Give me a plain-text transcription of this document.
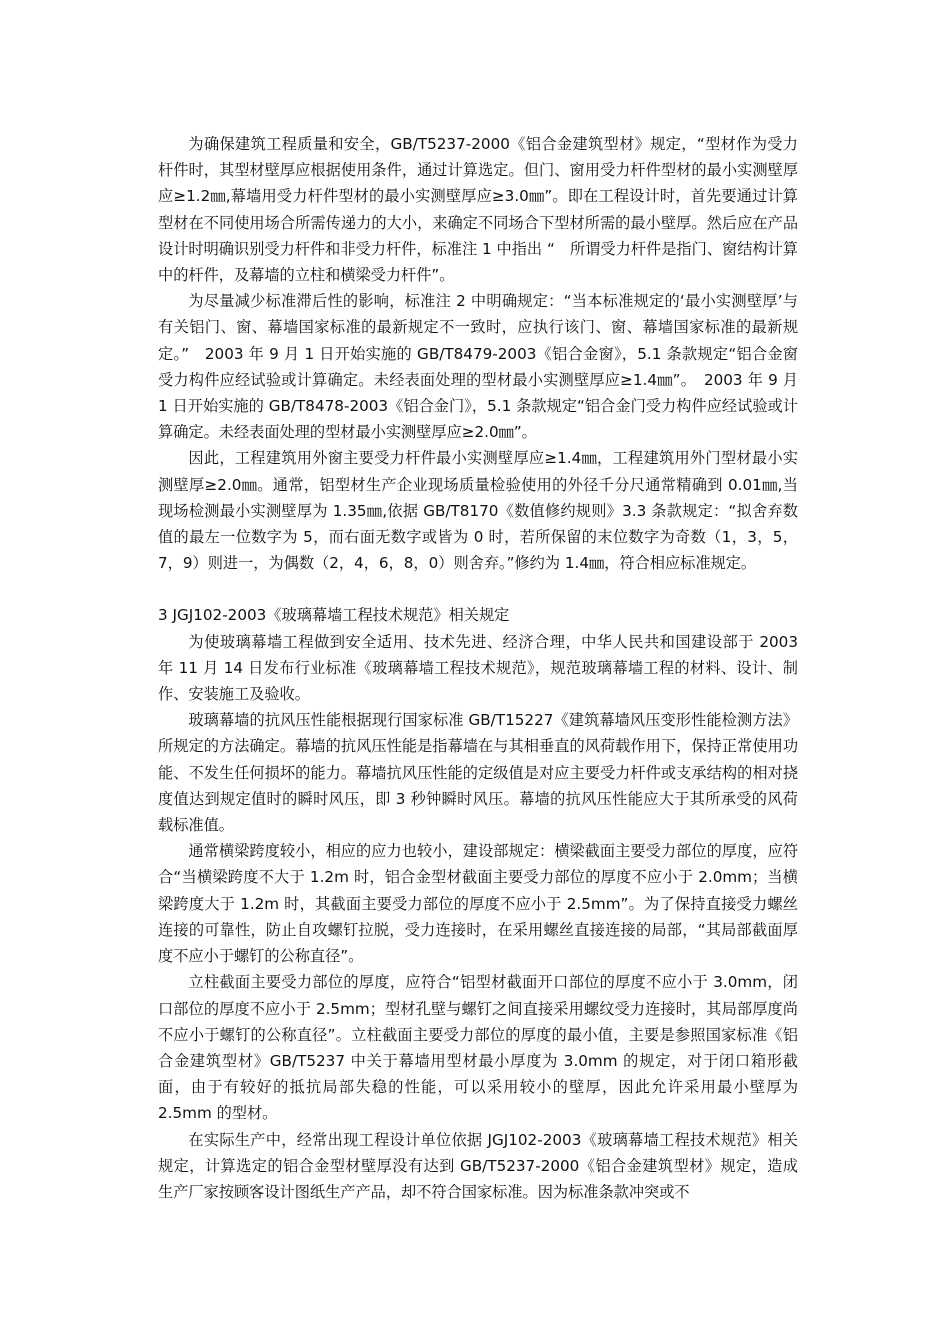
为确保建筑工程质量和安全，GB/T5237-2000《铝合金建筑型材》规定，“型材作为受力杆件时，其型材壁厚应根据使用条件，通过计算选定。但门、窗用受力杆件型材的最小实测壁厚应≥1.2㎜,幕墙用受力杆件型材的最小实测壁厚应≥3.0㎜”。即在工程设计时，首先要通过计算型材在不同使用场合所需传递力的大小，来确定不同场合下型材所需的最小壁厚。然后应在产品设计时明确识别受力杆件和非受力杆件，标准注 1 中指出 “　所谓受力杆件是指门、窗结构计算中的杆件，及幕墙的立柱和横梁受力杆件”。

为尽量减少标准滞后性的影响，标准注 2 中明确规定：“当本标准规定的‘最小实测壁厚’与有关铝门、窗、幕墙国家标准的最新规定不一致时，应执行该门、窗、幕墙国家标准的最新规定。”　2003 年 9 月 1 日开始实施的 GB/T8479-2003《铝合金窗》，5.1 条款规定“铝合金窗受力构件应经试验或计算确定。未经表面处理的型材最小实测壁厚应≥1.4㎜”。　2003 年 9 月 1 日开始实施的 GB/T8478-2003《铝合金门》，5.1 条款规定“铝合金门受力构件应经试验或计算确定。未经表面处理的型材最小实测壁厚应≥2.0㎜”。

因此，工程建筑用外窗主要受力杆件最小实测壁厚应≥1.4㎜，工程建筑用外门型材最小实测壁厚≥2.0㎜。通常，铝型材生产企业现场质量检验使用的外径千分尺通常精确到 0.01㎜,当现场检测最小实测壁厚为 1.35㎜,依据 GB/T8170《数值修约规则》3.3 条款规定：“拟舍弃数值的最左一位数字为 5，而右面无数字或皆为 0 时，若所保留的末位数字为奇数（1，3，5，7，9）则进一，为偶数（2，4，6，8，0）则舍弃。”修约为 1.4㎜，符合相应标准规定。

3 JGJ102-2003《玻璃幕墙工程技术规范》相关规定

为使玻璃幕墙工程做到安全适用、技术先进、经济合理，中华人民共和国建设部于 2003 年 11 月 14 日发布行业标准《玻璃幕墙工程技术规范》，规范玻璃幕墙工程的材料、设计、制作、安装施工及验收。

玻璃幕墙的抗风压性能根据现行国家标准 GB/T15227《建筑幕墙风压变形性能检测方法》所规定的方法确定。幕墙的抗风压性能是指幕墙在与其相垂直的风荷载作用下，保持正常使用功能、不发生任何损坏的能力。幕墙抗风压性能的定级值是对应主要受力杆件或支承结构的相对挠度值达到规定值时的瞬时风压，即 3 秒钟瞬时风压。幕墙的抗风压性能应大于其所承受的风荷载标准值。

通常横梁跨度较小，相应的应力也较小，建设部规定：横梁截面主要受力部位的厚度，应符合“当横梁跨度不大于 1.2m 时，铝合金型材截面主要受力部位的厚度不应小于 2.0mm；当横梁跨度大于 1.2m 时，其截面主要受力部位的厚度不应小于 2.5mm”。为了保持直接受力螺丝连接的可靠性，防止自攻螺钉拉脱，受力连接时，在采用螺丝直接连接的局部，“其局部截面厚度不应小于螺钉的公称直径”。

立柱截面主要受力部位的厚度，应符合“铝型材截面开口部位的厚度不应小于 3.0mm，闭口部位的厚度不应小于 2.5mm；型材孔壁与螺钉之间直接采用螺纹受力连接时，其局部厚度尚不应小于螺钉的公称直径”。立柱截面主要受力部位的厚度的最小值，主要是参照国家标准《铝合金建筑型材》GB/T5237 中关于幕墙用型材最小厚度为 3.0mm 的规定，对于闭口箱形截面，由于有较好的抵抗局部失稳的性能，可以采用较小的壁厚，因此允许采用最小壁厚为 2.5mm 的型材。

在实际生产中，经常出现工程设计单位依据 JGJ102-2003《玻璃幕墙工程技术规范》相关规定，计算选定的铝合金型材壁厚没有达到 GB/T5237-2000《铝合金建筑型材》规定，造成生产厂家按顾客设计图纸生产产品，却不符合国家标准。因为标准条款冲突或不
